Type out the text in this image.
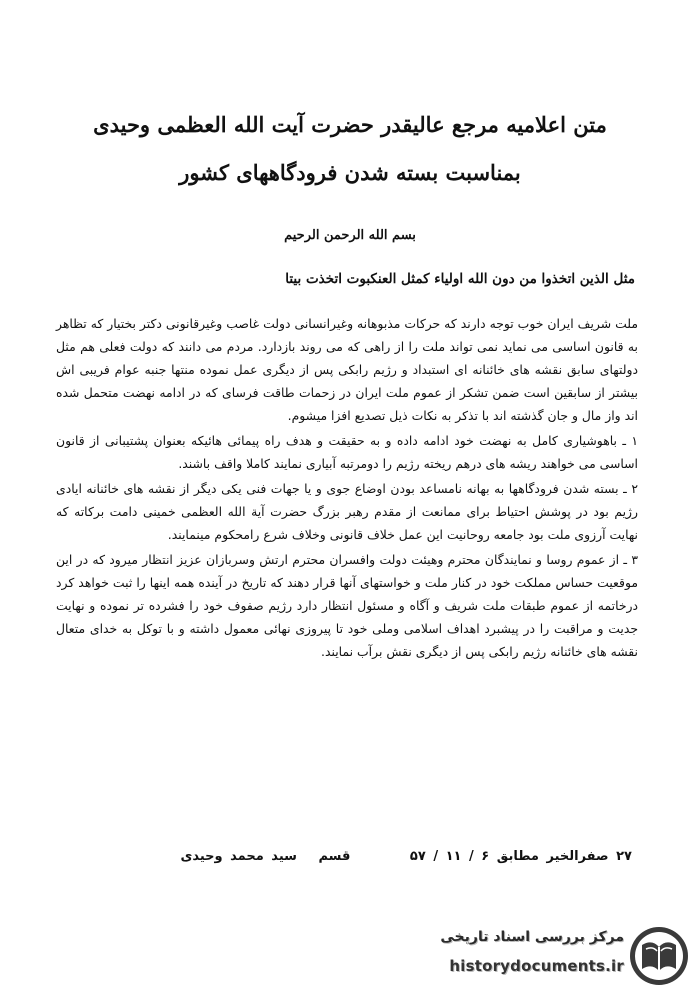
متن اعلامیه مرجع عالیقدر حضرت آیت الله العظمی وحیدی
بمناسبت بسته شدن فرودگاههای کشور
بسم الله الرحمن الرحیم
مثل الذین اتخذوا من دون الله اولیاء کمثل العنکبوت اتخذت بیتا

ملت شریف ایران خوب توجه دارند که حرکات مذبوهانه وغیرانسانی دولت غاصب وغیرقانونی دکتر بختیار که تظاهر به قانون اساسی می نماید نمی تواند ملت را از راهی که می روند بازدارد. مردم می دانند که دولت فعلی هم مثل دولتهای سابق نقشه های خائنانه ای استبداد و رژیم رابکی پس از دیگری عمل نموده منتها جنبه عوام فریبی اش بیشتر از سابقین است ضمن تشکر از عموم ملت ایران در زحمات طاقت فرسای که در ادامه نهضت متحمل شده اند واز مال و جان گذشته اند با تذکر به نکات ذیل تصدیع افزا میشوم.

۱ ـ باهوشیاری کامل به نهضت خود ادامه داده و به حقیقت و هدف راه پیمائی هائیکه بعنوان پشتیبانی از قانون اساسی می خواهند ریشه های درهم ریخته رژیم را دومرتبه آبیاری نمایند کاملا واقف باشند.

۲ ـ بسته شدن فرودگاهها به بهانه نامساعد بودن اوضاع جوی و یا جهات فنی یکی دیگر از نقشه های خائنانه ایادی رژیم بود در پوشش احتیاط برای ممانعت از مقدم رهبر بزرگ حضرت آیة الله العظمی خمینی دامت برکاته که نهایت آرزوی ملت بود جامعه روحانیت این عمل خلاف قانونی وخلاف شرع رامحکوم مینمایند.

۳ ـ از عموم روسا و نمایندگان محترم وهیئت دولت وافسران محترم ارتش وسربازان عزیز انتظار میرود که در این موقعیت حساس مملکت خود در کنار ملت و خواستهای آنها قرار دهند که تاریخ در آینده همه اینها را ثبت خواهد کرد درخاتمه از عموم طبقات ملت شریف و آگاه و مسئول انتظار دارد رژیم صفوف خود را فشرده تر نموده و نهایت جدیت و مراقبت را در پیشبرد اهداف اسلامی وملی خود تا پیروزی نهائی معمول داشته و با توکل به خدای متعال نقشه های خائنانه رژیم رابکی پس از دیگری نقش برآب نمایند.

۲۷ صفرالخیر مطابق ۶ / ۱۱ / ۵۷ قسم سید محمد وحیدی
مرکز بررسی اسناد تاریخی
historydocuments.ir
